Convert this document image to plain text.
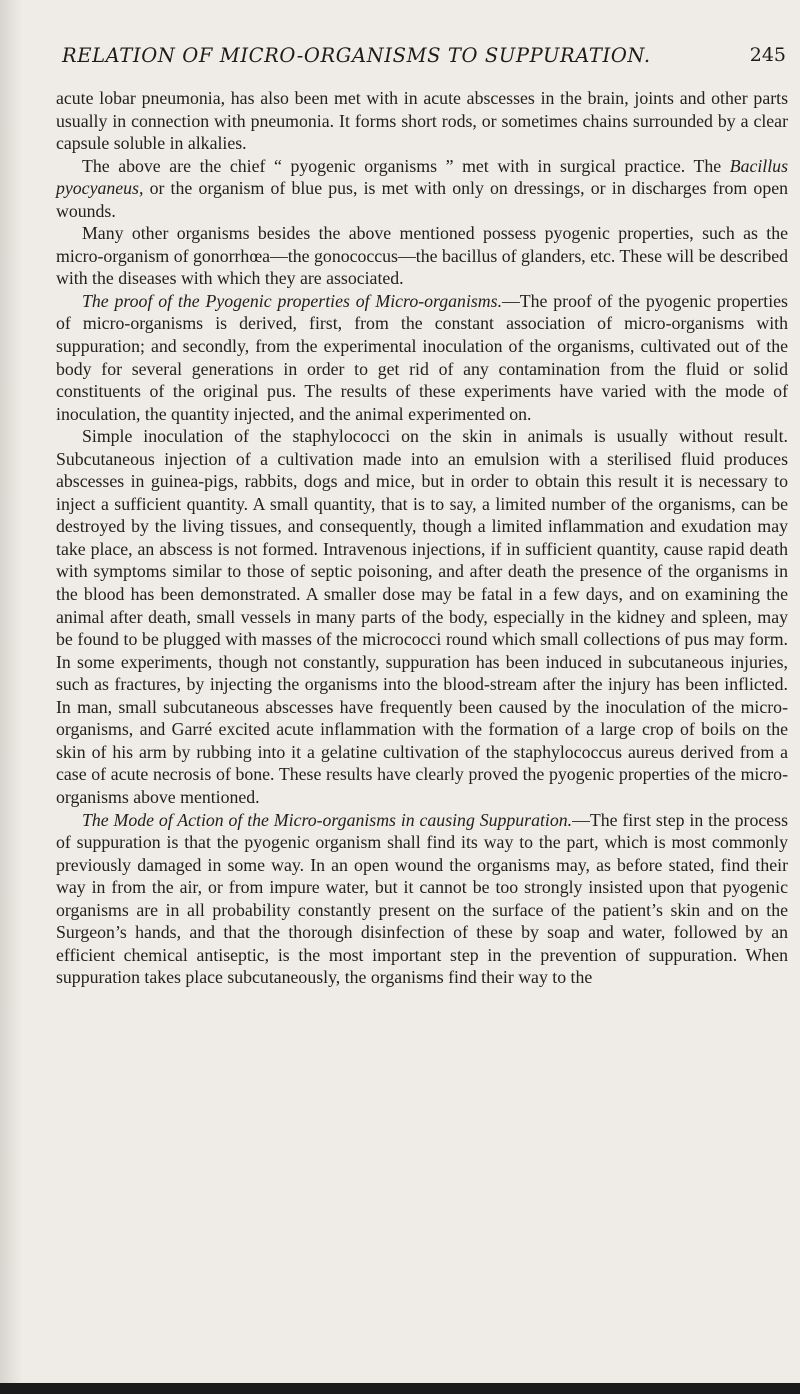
RELATION OF MICRO-ORGANISMS TO SUPPURATION.	245

acute lobar pneumonia, has also been met with in acute abscesses in the brain, joints and other parts usually in connection with pneumonia. It forms short rods, or sometimes chains surrounded by a clear capsule soluble in alkalies.

The above are the chief “ pyogenic organisms ” met with in surgical practice. The Bacillus pyocyaneus, or the organism of blue pus, is met with only on dressings, or in discharges from open wounds.

Many other organisms besides the above mentioned possess pyogenic properties, such as the micro-organism of gonorrhœa—the gonococcus—the bacillus of glanders, etc. These will be described with the diseases with which they are associated.

The proof of the Pyogenic properties of Micro-organisms.—The proof of the pyogenic properties of micro-organisms is derived, first, from the constant association of micro-organisms with suppuration; and secondly, from the experimental inoculation of the organisms, cultivated out of the body for several generations in order to get rid of any contamination from the fluid or solid constituents of the original pus. The results of these experiments have varied with the mode of inoculation, the quantity injected, and the animal experimented on.

Simple inoculation of the staphylococci on the skin in animals is usually without result. Subcutaneous injection of a cultivation made into an emulsion with a sterilised fluid produces abscesses in guinea-pigs, rabbits, dogs and mice, but in order to obtain this result it is necessary to inject a sufficient quantity. A small quantity, that is to say, a limited number of the organisms, can be destroyed by the living tissues, and consequently, though a limited inflammation and exudation may take place, an abscess is not formed. Intravenous injections, if in sufficient quantity, cause rapid death with symptoms similar to those of septic poisoning, and after death the presence of the organisms in the blood has been demonstrated. A smaller dose may be fatal in a few days, and on examining the animal after death, small vessels in many parts of the body, especially in the kidney and spleen, may be found to be plugged with masses of the micrococci round which small collections of pus may form. In some experiments, though not constantly, suppuration has been induced in subcutaneous injuries, such as fractures, by injecting the organisms into the blood-stream after the injury has been inflicted. In man, small subcutaneous abscesses have frequently been caused by the inoculation of the micro-organisms, and Garré excited acute inflammation with the formation of a large crop of boils on the skin of his arm by rubbing into it a gelatine cultivation of the staphylococcus aureus derived from a case of acute necrosis of bone. These results have clearly proved the pyogenic properties of the micro-organisms above mentioned.

The Mode of Action of the Micro-organisms in causing Suppuration.—The first step in the process of suppuration is that the pyogenic organism shall find its way to the part, which is most commonly previously damaged in some way. In an open wound the organisms may, as before stated, find their way in from the air, or from impure water, but it cannot be too strongly insisted upon that pyogenic organisms are in all probability constantly present on the surface of the patient’s skin and on the Surgeon’s hands, and that the thorough disinfection of these by soap and water, followed by an efficient chemical antiseptic, is the most important step in the prevention of suppuration. When suppuration takes place subcutaneously, the organisms find their way to the
